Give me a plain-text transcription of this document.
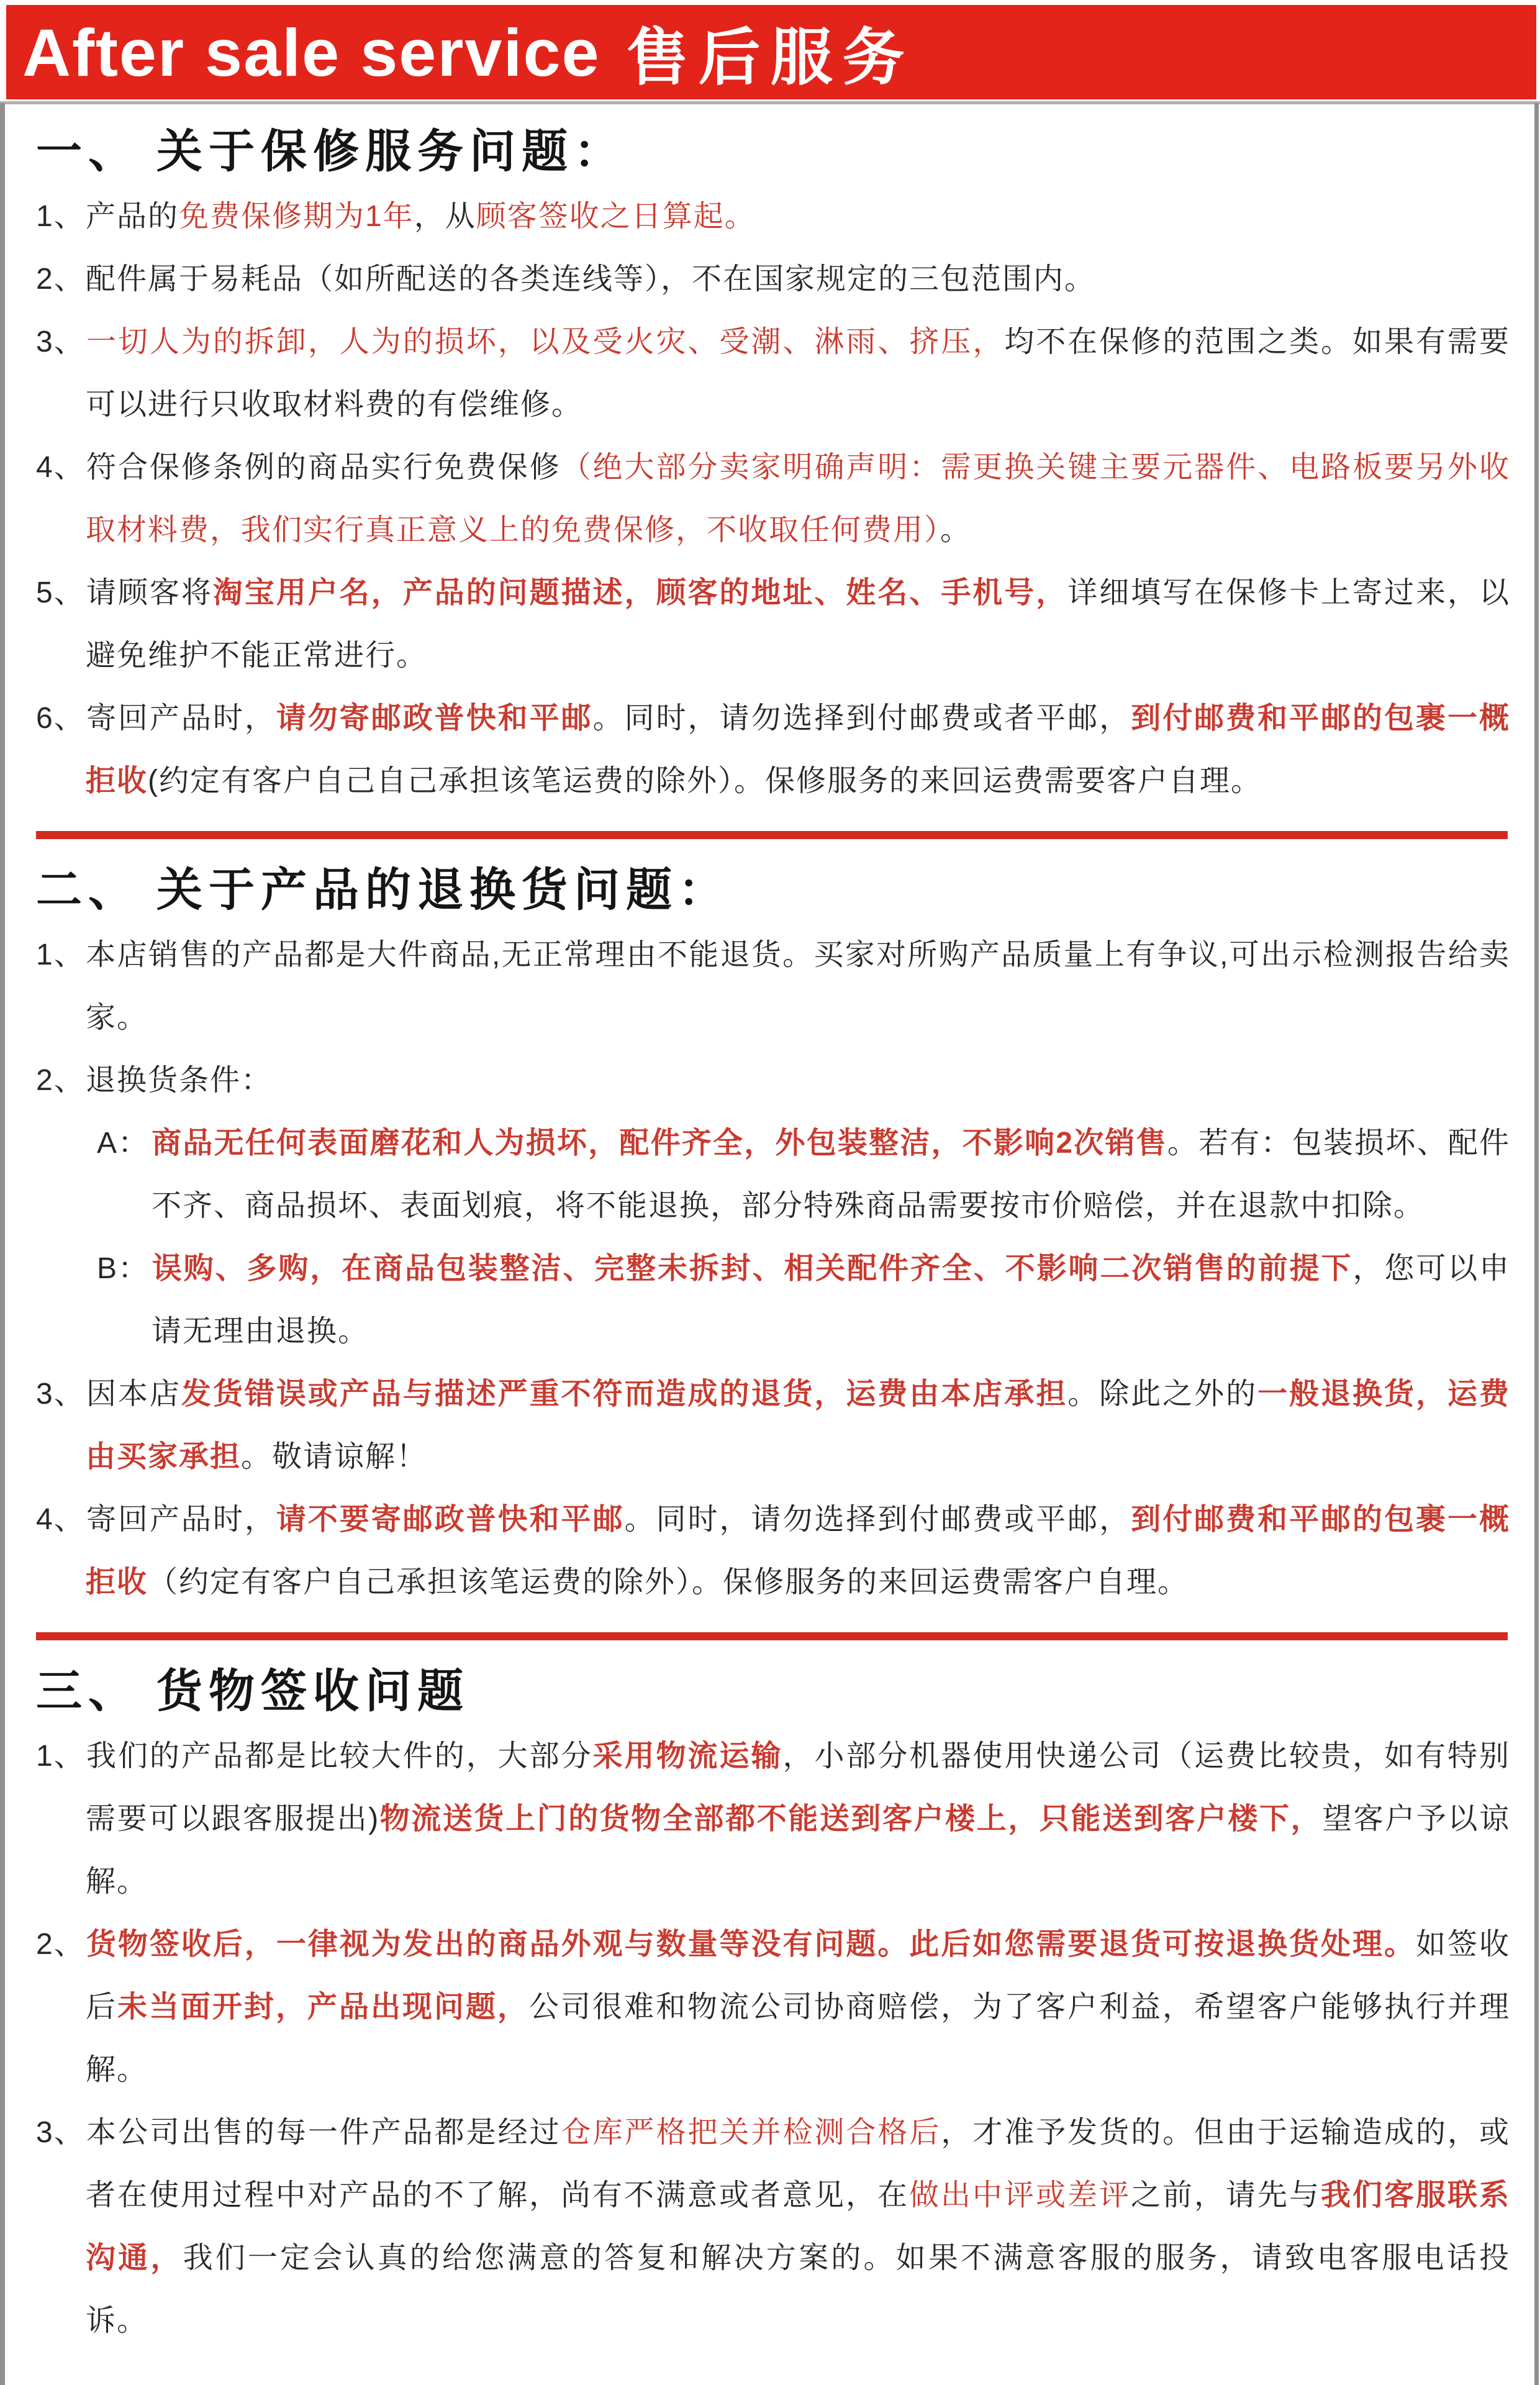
After sale service 售后服务
一、 关于保修服务问题：

1、产品的免费保修期为1年，从顾客签收之日算起。

2、配件属于易耗品（如所配送的各类连线等），不在国家规定的三包范围内。

3、一切人为的拆卸，人为的损坏，以及受火灾、受潮、淋雨、挤压，均不在保修的范围之类。如果有需要可以进行只收取材料费的有偿维修。

4、符合保修条例的商品实行免费保修（绝大部分卖家明确声明：需更换关键主要元器件、电路板要另外收取材料费，我们实行真正意义上的免费保修，不收取任何费用）。

5、请顾客将淘宝用户名，产品的问题描述，顾客的地址、姓名、手机号，详细填写在保修卡上寄过来，以避免维护不能正常进行。

6、寄回产品时，请勿寄邮政普快和平邮。同时，请勿选择到付邮费或者平邮，到付邮费和平邮的包裹一概拒收(约定有客户自己自己承担该笔运费的除外）。保修服务的来回运费需要客户自理。

二、 关于产品的退换货问题：

1、本店销售的产品都是大件商品,无正常理由不能退货。买家对所购产品质量上有争议,可出示检测报告给卖家。

2、退换货条件：

A：商品无任何表面磨花和人为损坏，配件齐全，外包装整洁，不影响2次销售。若有：包装损坏、配件不齐、商品损坏、表面划痕，将不能退换，部分特殊商品需要按市价赔偿，并在退款中扣除。

B：误购、多购，在商品包装整洁、完整未拆封、相关配件齐全、不影响二次销售的前提下，您可以申请无理由退换。

3、因本店发货错误或产品与描述严重不符而造成的退货，运费由本店承担。除此之外的一般退换货，运费由买家承担。敬请谅解！

4、寄回产品时，请不要寄邮政普快和平邮。同时，请勿选择到付邮费或平邮，到付邮费和平邮的包裹一概拒收（约定有客户自己承担该笔运费的除外）。保修服务的来回运费需客户自理。

三、 货物签收问题

1、我们的产品都是比较大件的，大部分采用物流运输，小部分机器使用快递公司（运费比较贵，如有特别需要可以跟客服提出)物流送货上门的货物全部都不能送到客户楼上，只能送到客户楼下，望客户予以谅解。

2、货物签收后，一律视为发出的商品外观与数量等没有问题。此后如您需要退货可按退换货处理。如签收后未当面开封，产品出现问题，公司很难和物流公司协商赔偿，为了客户利益，希望客户能够执行并理解。

3、本公司出售的每一件产品都是经过仓库严格把关并检测合格后，才准予发货的。但由于运输造成的，或者在使用过程中对产品的不了解，尚有不满意或者意见，在做出中评或差评之前，请先与我们客服联系沟通，我们一定会认真的给您满意的答复和解决方案的。如果不满意客服的服务，请致电客服电话投诉。
